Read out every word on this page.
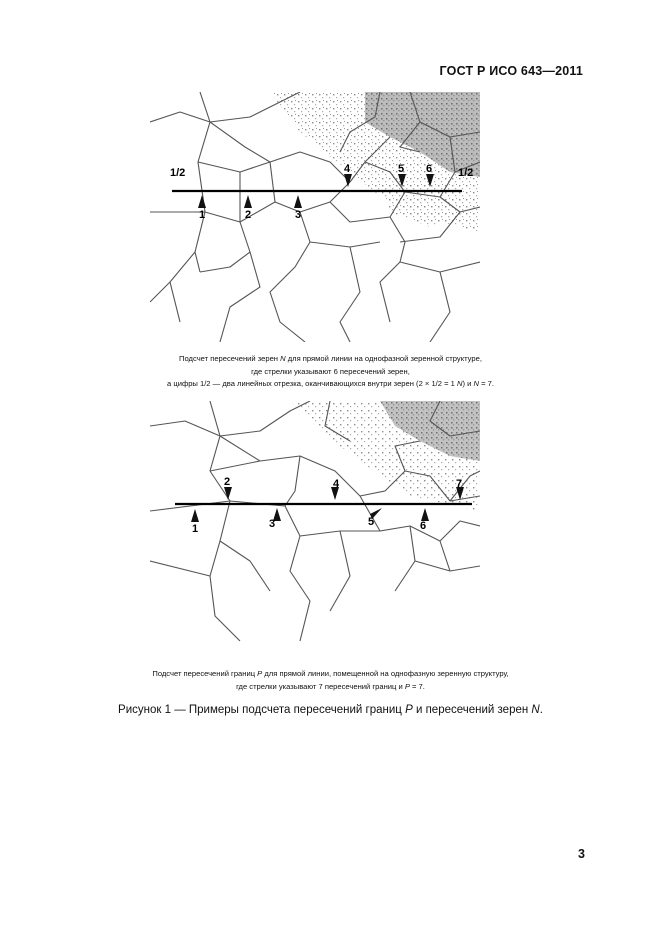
ГОСТ Р ИСО 643—2011
1/2
1	2	3
4	5 6 1/2
Подсчет пересечений зерен N для прямой линии на однофазной зеренной структуре,
где стрелки указывают 6 пересечений зерен,
а цифры 1/2 — два линейных отрезка, оканчивающихся внутри зерен (2 × 1/2 = 1 N) и N = 7.
1
2
3
4
5	6
7
Подсчет пересечений границ P для прямой линии, помещенной на однофазную зеренную структуру,
где стрелки указывают 7 пересечений границ и P = 7.
Рисунок 1 — Примеры подсчета пересечений границ P и пересечений зерен N.
3
